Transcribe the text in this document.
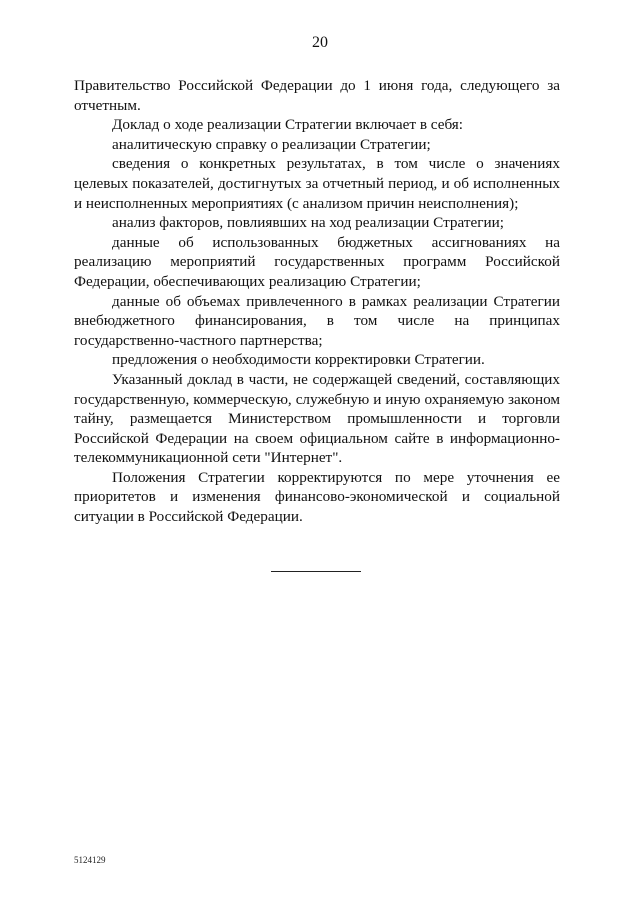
20

Правительство Российской Федерации до 1 июня года, следующего за отчетным.

Доклад о ходе реализации Стратегии включает в себя:

аналитическую справку о реализации Стратегии;

сведения о конкретных результатах, в том числе о значениях целевых показателей, достигнутых за отчетный период, и об исполненных и неисполненных мероприятиях (с анализом причин неисполнения);

анализ факторов, повлиявших на ход реализации Стратегии;

данные об использованных бюджетных ассигнованиях на реализацию мероприятий государственных программ Российской Федерации, обеспечивающих реализацию Стратегии;

данные об объемах привлеченного в рамках реализации Стратегии внебюджетного финансирования, в том числе на принципах государственно-частного партнерства;

предложения о необходимости корректировки Стратегии.

Указанный доклад в части, не содержащей сведений, составляющих государственную, коммерческую, служебную и иную охраняемую законом тайну, размещается Министерством промышленности и торговли Российской Федерации на своем официальном сайте в информационно-телекоммуникационной сети "Интернет".

Положения Стратегии корректируются по мере уточнения ее приоритетов и изменения финансово-экономической и социальной ситуации в Российской Федерации.

5124129
